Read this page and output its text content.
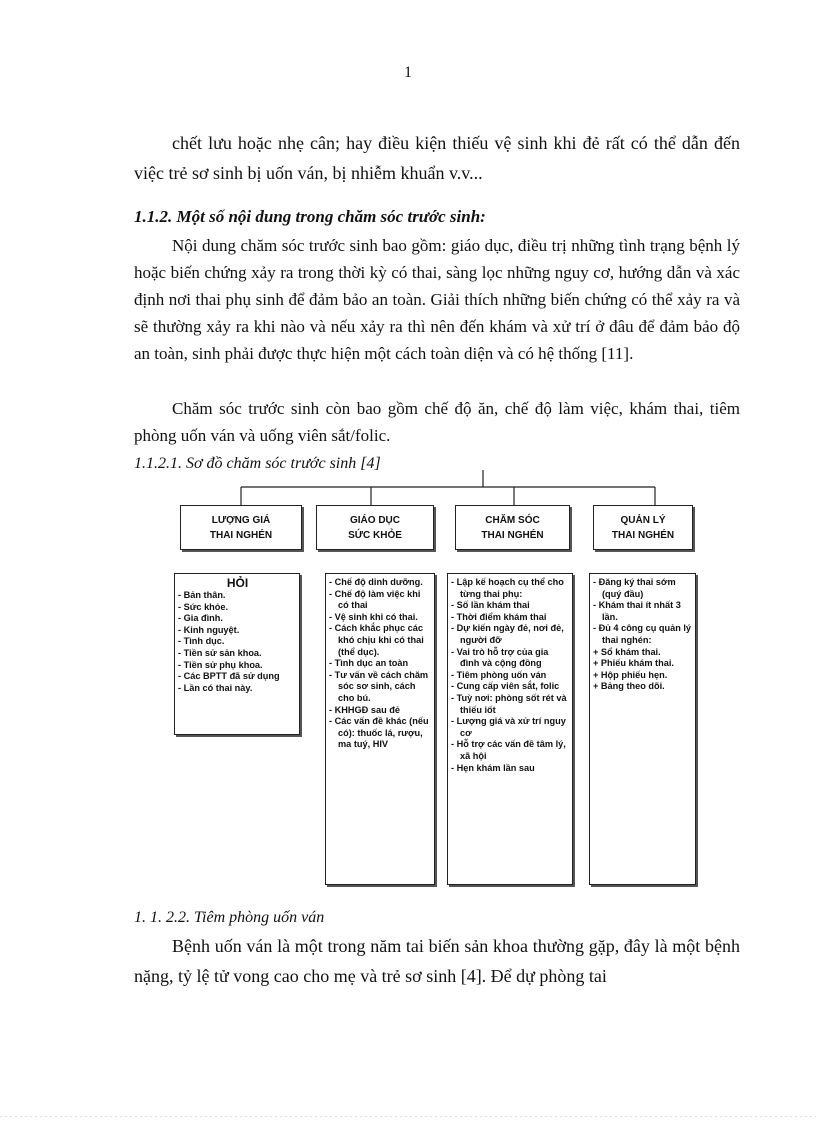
1
chết lưu hoặc nhẹ cân; hay điều kiện thiếu vệ sinh khi đẻ rất có thể dẫn đến việc trẻ sơ sinh bị uốn ván, bị nhiễm khuẩn v.v...
1.1.2. Một số nội dung trong chăm sóc trước sinh:
Nội dung chăm sóc trước sinh bao gồm: giáo dục, điều trị những tình trạng bệnh lý hoặc biến chứng xảy ra trong thời kỳ có thai, sàng lọc những nguy cơ, hướng dẫn và xác định nơi thai phụ sinh để đảm bảo an toàn. Giải thích những biến chứng có thể xảy ra và sẽ thường xảy ra khi nào và nếu xảy ra thì nên đến khám và xử trí ở đâu để đảm bảo độ an toàn, sinh phải được thực hiện một cách toàn diện và có hệ thống [11].
Chăm sóc trước sinh còn bao gồm chế độ ăn, chế độ làm việc, khám thai, tiêm phòng uốn ván và uống viên sắt/folic.
1.1.2.1. Sơ đồ chăm sóc trước sinh [4]
LƯỢNG GIÁ
THAI NGHÉN
GIÁO DỤC
SỨC KHỎE
CHĂM SÓC
THAI NGHÉN
QUẢN LÝ
THAI NGHÉN
HỎI
- Bản thân.
- Sức khỏe.
- Gia đình.
- Kinh nguyệt.
- Tình dục.
- Tiền sử sản khoa.
- Tiền sử phụ khoa.
- Các BPTT đã sử dụng
- Lần có thai này.
- Chế độ dinh dưỡng.
- Chế độ làm việc khi có thai
- Vệ sinh khi có thai.
- Cách khắc phục các khó chịu khi có thai (thể dục).
- Tình dục an toàn
- Tư vấn về cách chăm sóc sơ sinh, cách cho bú.
- KHHGĐ sau đẻ
- Các vấn đề khác (nếu có): thuốc lá, rượu, ma tuý, HIV
- Lập kế hoạch cụ thể cho từng thai phụ:
- Số lần khám thai
- Thời điểm khám thai
- Dự kiến ngày đẻ, nơi đẻ, người đỡ
- Vai trò hỗ trợ của gia đình và cộng đồng
- Tiêm phòng uốn ván
- Cung cấp viên sắt, folic
- Tuỳ nơi: phòng sốt rét và thiếu iốt
- Lượng giá và xử trí nguy cơ
- Hỗ trợ các vấn đề tâm lý, xã hội
- Hẹn khám lần sau
- Đăng ký thai sớm (quý đầu)
- Khám thai ít nhất 3 lần.
- Đủ 4 công cụ quản lý thai nghén:
+ Sổ khám thai.
+ Phiếu khám thai.
+ Hộp phiếu hẹn.
+ Bảng theo dõi.
1. 1. 2.2. Tiêm phòng uốn ván
Bệnh uốn ván là một trong năm tai biến sản khoa thường gặp, đây là một bệnh nặng, tỷ lệ tử vong cao cho mẹ và trẻ sơ sinh [4]. Để dự phòng tai
